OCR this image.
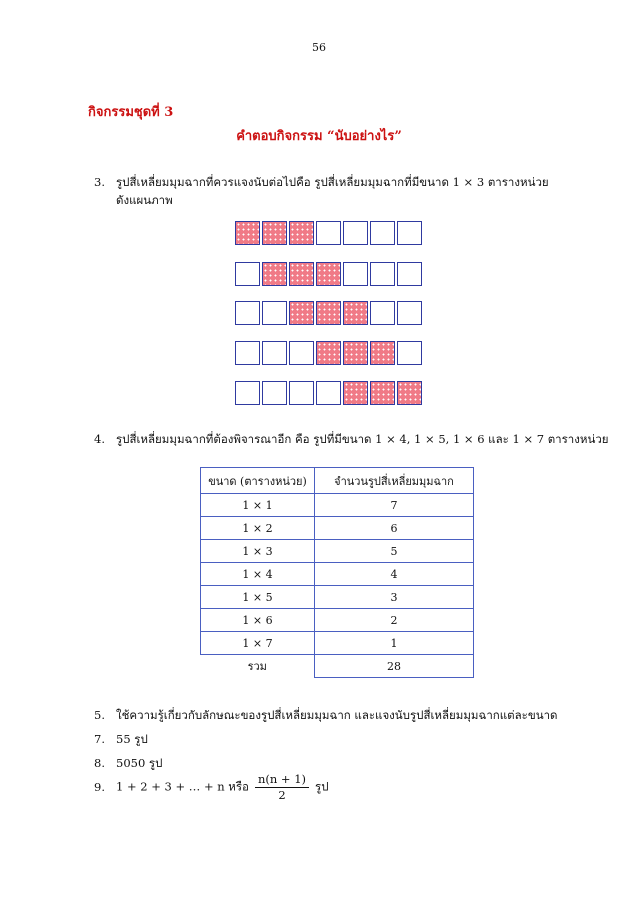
56
กิจกรรมชุดที่ 3
คำตอบกิจกรรม “นับอย่างไร”
3. รูปสี่เหลี่ยมมุมฉากที่ควรแจงนับต่อไปคือ รูปสี่เหลี่ยมมุมฉากที่มีขนาด 1 × 3 ตารางหน่วย
ดังแผนภาพ
4. รูปสี่เหลี่ยมมุมฉากที่ต้องพิจารณาอีก คือ รูปที่มีขนาด 1 × 4, 1 × 5, 1 × 6 และ 1 × 7 ตารางหน่วย
ขนาด (ตารางหน่วย)	จำนวนรูปสี่เหลี่ยมมุมฉาก
1 × 1	7
1 × 2	6
1 × 3	5
1 × 4	4
1 × 5	3
1 × 6	2
1 × 7	1
รวม	28
5. ใช้ความรู้เกี่ยวกับลักษณะของรูปสี่เหลี่ยมมุมฉาก และแจงนับรูปสี่เหลี่ยมมุมฉากแต่ละขนาด
7. 55 รูป
8. 5050 รูป
9. 1 + 2 + 3 + … + n หรือ $\frac{n(n + 1)}{2}$ รูป
